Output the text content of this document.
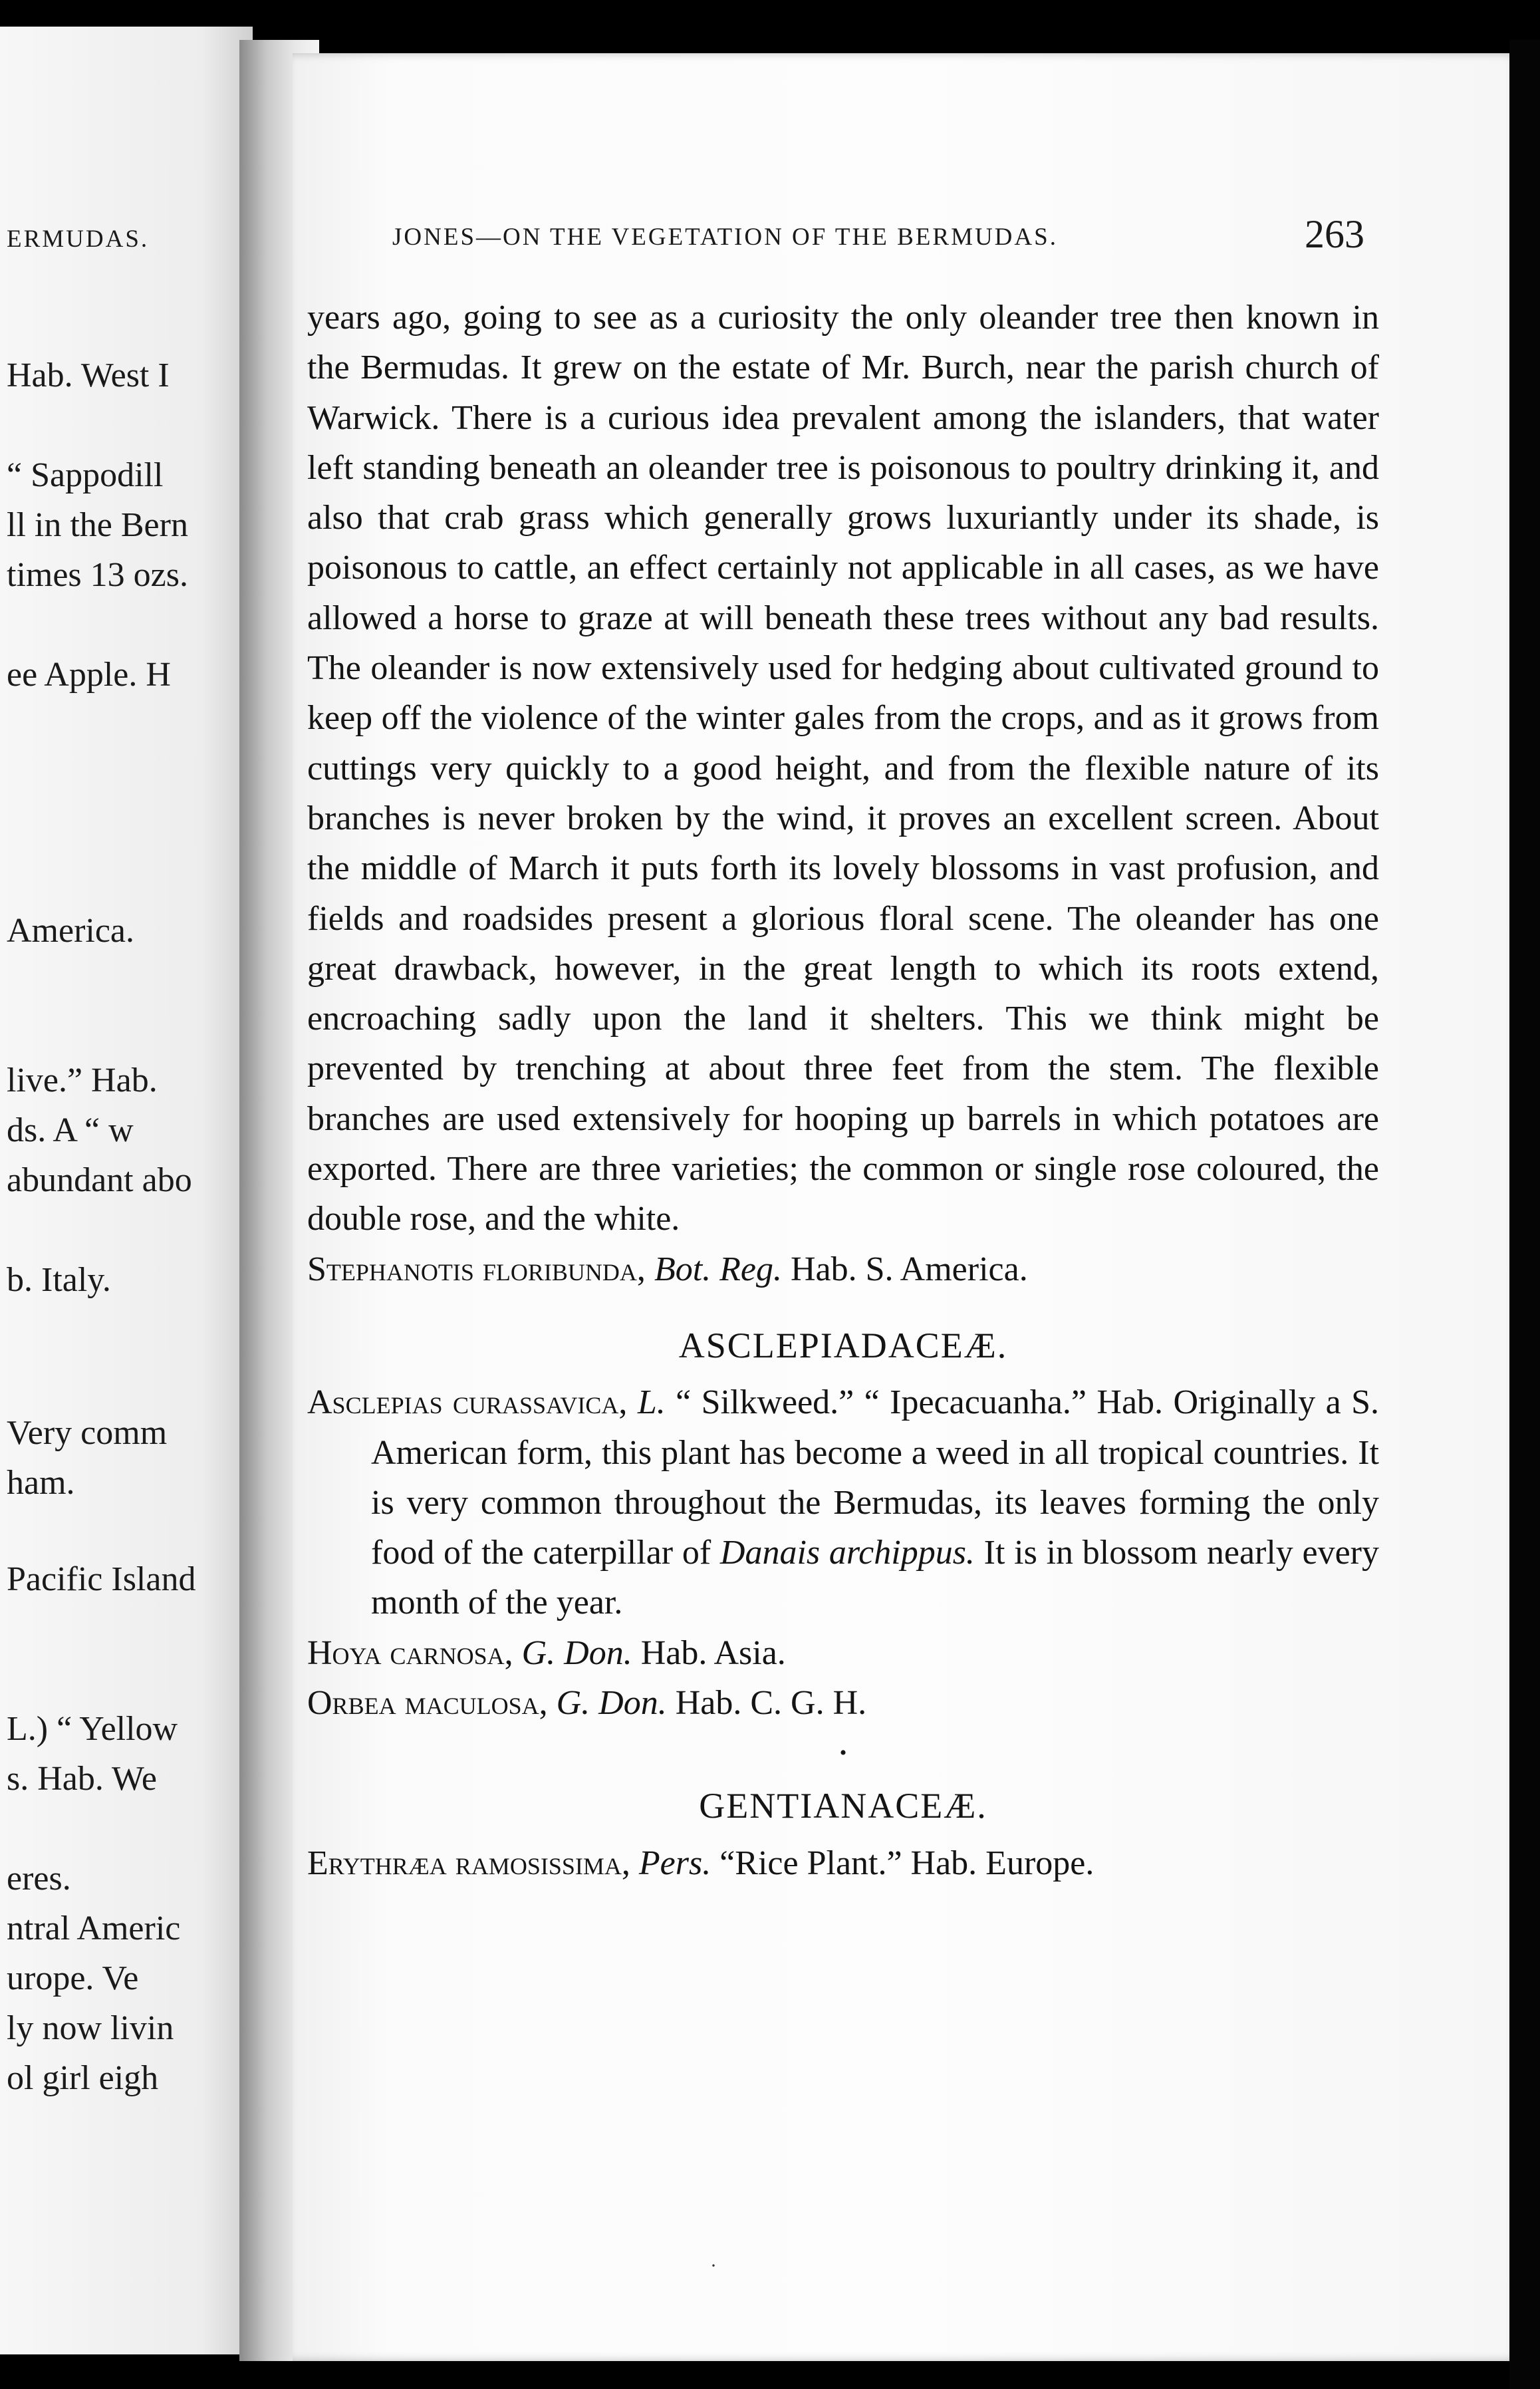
ERMUDAS.
Hab. West I
“ Sappodill
ll in the Bern
times 13 ozs.
ee Apple. H
America.
live.” Hab.
ds. A “ w
abundant abo
b. Italy.
Very comm
ham.
Pacific Island
L.) “ Yellow
s. Hab. We
eres.
ntral Americ
urope. Ve
ly now livin
ol girl eigh
JONES—ON THE VEGETATION OF THE BERMUDAS.	263

years ago, going to see as a curiosity the only oleander tree then known in the Bermudas. It grew on the estate of Mr. Burch, near the parish church of Warwick. There is a curious idea prevalent among the islanders, that water left standing beneath an oleander tree is poisonous to poultry drinking it, and also that crab grass which generally grows luxuriantly under its shade, is poisonous to cattle, an effect certainly not applicable in all cases, as we have allowed a horse to graze at will beneath these trees without any bad results. The oleander is now extensively used for hedging about cultivated ground to keep off the violence of the winter gales from the crops, and as it grows from cuttings very quickly to a good height, and from the flexible nature of its branches is never broken by the wind, it proves an excellent screen. About the middle of March it puts forth its lovely blossoms in vast profusion, and fields and roadsides present a glorious floral scene. The oleander has one great drawback, however, in the great length to which its roots extend, encroaching sadly upon the land it shelters. This we think might be prevented by trenching at about three feet from the stem. The flexible branches are used extensively for hooping up barrels in which potatoes are exported. There are three varieties; the common or single rose coloured, the double rose, and the white.

Stephanotis floribunda, Bot. Reg. Hab. S. America.

ASCLEPIADACEÆ.

Asclepias curassavica, L. “ Silkweed.” “ Ipecacuanha.” Hab. Originally a S. American form, this plant has become a weed in all tropical countries. It is very common throughout the Bermudas, its leaves forming the only food of the caterpillar of Danais archippus. It is in blossom nearly every month of the year.

Hoya carnosa, G. Don. Hab. Asia.

Orbea maculosa, G. Don. Hab. C. G. H.

•
GENTIANACEÆ.

Erythræa ramosissima, Pers. “Rice Plant.” Hab. Europe.

·
